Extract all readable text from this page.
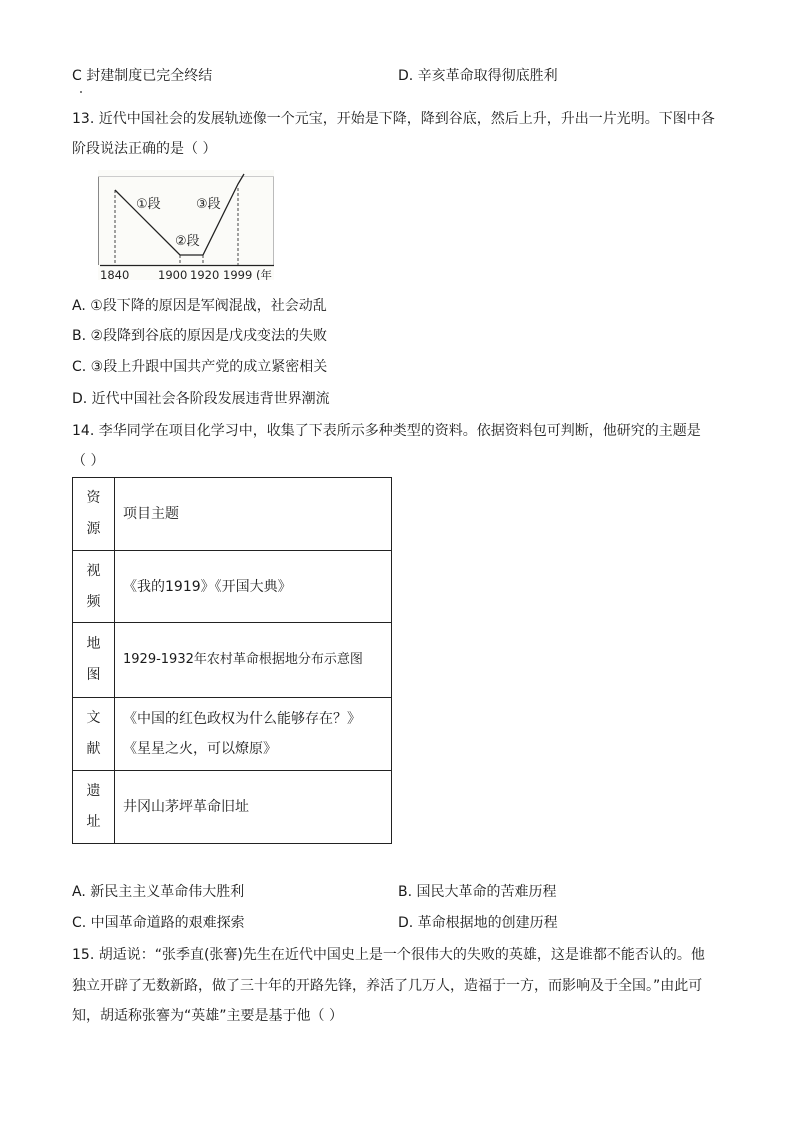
C 封建制度已完全终结	D. 辛亥革命取得彻底胜利
13. 近代中国社会的发展轨迹像一个元宝，开始是下降，降到谷底，然后上升，升出一片光明。下图中各
阶段说法正确的是（ ）
①段
②段
③段
1840 1900 1920 1999 (年
A. ①段下降的原因是军阀混战，社会动乱
B. ②段降到谷底的原因是戊戌变法的失败
C. ③段上升跟中国共产党的成立紧密相关
D. 近代中国社会各阶段发展违背世界潮流
14. 李华同学在项目化学习中，收集了下表所示多种类型的资料。依据资料包可判断，他研究的主题是
（ ）
资
源	项目主题

视
频	《我的1919》《开国大典》

地
图	1929-1932年农村革命根据地分布示意图

文
献	《中国的红色政权为什么能够存在？》
《星星之火，可以燎原》

遗
址	井冈山茅坪革命旧址
A. 新民主主义革命伟大胜利	B. 国民大革命的苦难历程
C. 中国革命道路的艰难探索	D. 革命根据地的创建历程
15. 胡适说：“张季直(张謇)先生在近代中国史上是一个很伟大的失败的英雄，这是谁都不能否认的。他
独立开辟了无数新路，做了三十年的开路先锋，养活了几万人，造福于一方，而影响及于全国。”由此可
知，胡适称张謇为“英雄”主要是基于他（ ）
